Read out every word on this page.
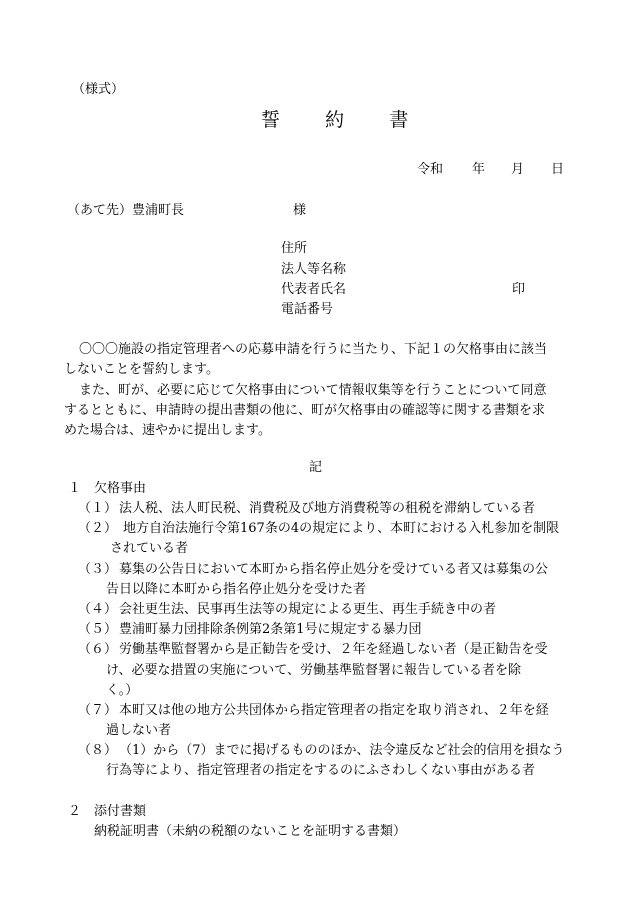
（様式）
誓 約 書
令和 年 月 日
（あて先）豊浦町長	様
住所
法人等名称
代表者氏名	印
電話番号
〇〇〇施設の指定管理者への応募申請を行うに当たり、下記１の欠格事由に該当
しないことを誓約します。
また、町が、必要に応じて欠格事由について情報収集等を行うことについて同意
するとともに、申請時の提出書類の他に、町が欠格事由の確認等に関する書類を求
めた場合は、速やかに提出します。
記
１　欠格事由
（１） 法人税、法人町民税、消費税及び地方消費税等の租税を滞納している者
（２） 地方自治法施行令第167条の4の規定により、本町における入札参加を制限
されている者
（３） 募集の公告日において本町から指名停止処分を受けている者又は募集の公
告日以降に本町から指名停止処分を受けた者
（４） 会社更生法、民事再生法等の規定による更生、再生手続き中の者
（５） 豊浦町暴力団排除条例第2条第1号に規定する暴力団
（６） 労働基準監督署から是正勧告を受け、２年を経過しない者（是正勧告を受
け、必要な措置の実施について、労働基準監督署に報告している者を除
く。）
（７） 本町又は他の地方公共団体から指定管理者の指定を取り消され、２年を経
過しない者
（８） （1）から（7）までに掲げるもののほか、法令違反など社会的信用を損なう
行為等により、指定管理者の指定をするのにふさわしくない事由がある者
２　添付書類
納税証明書（未納の税額のないことを証明する書類）
